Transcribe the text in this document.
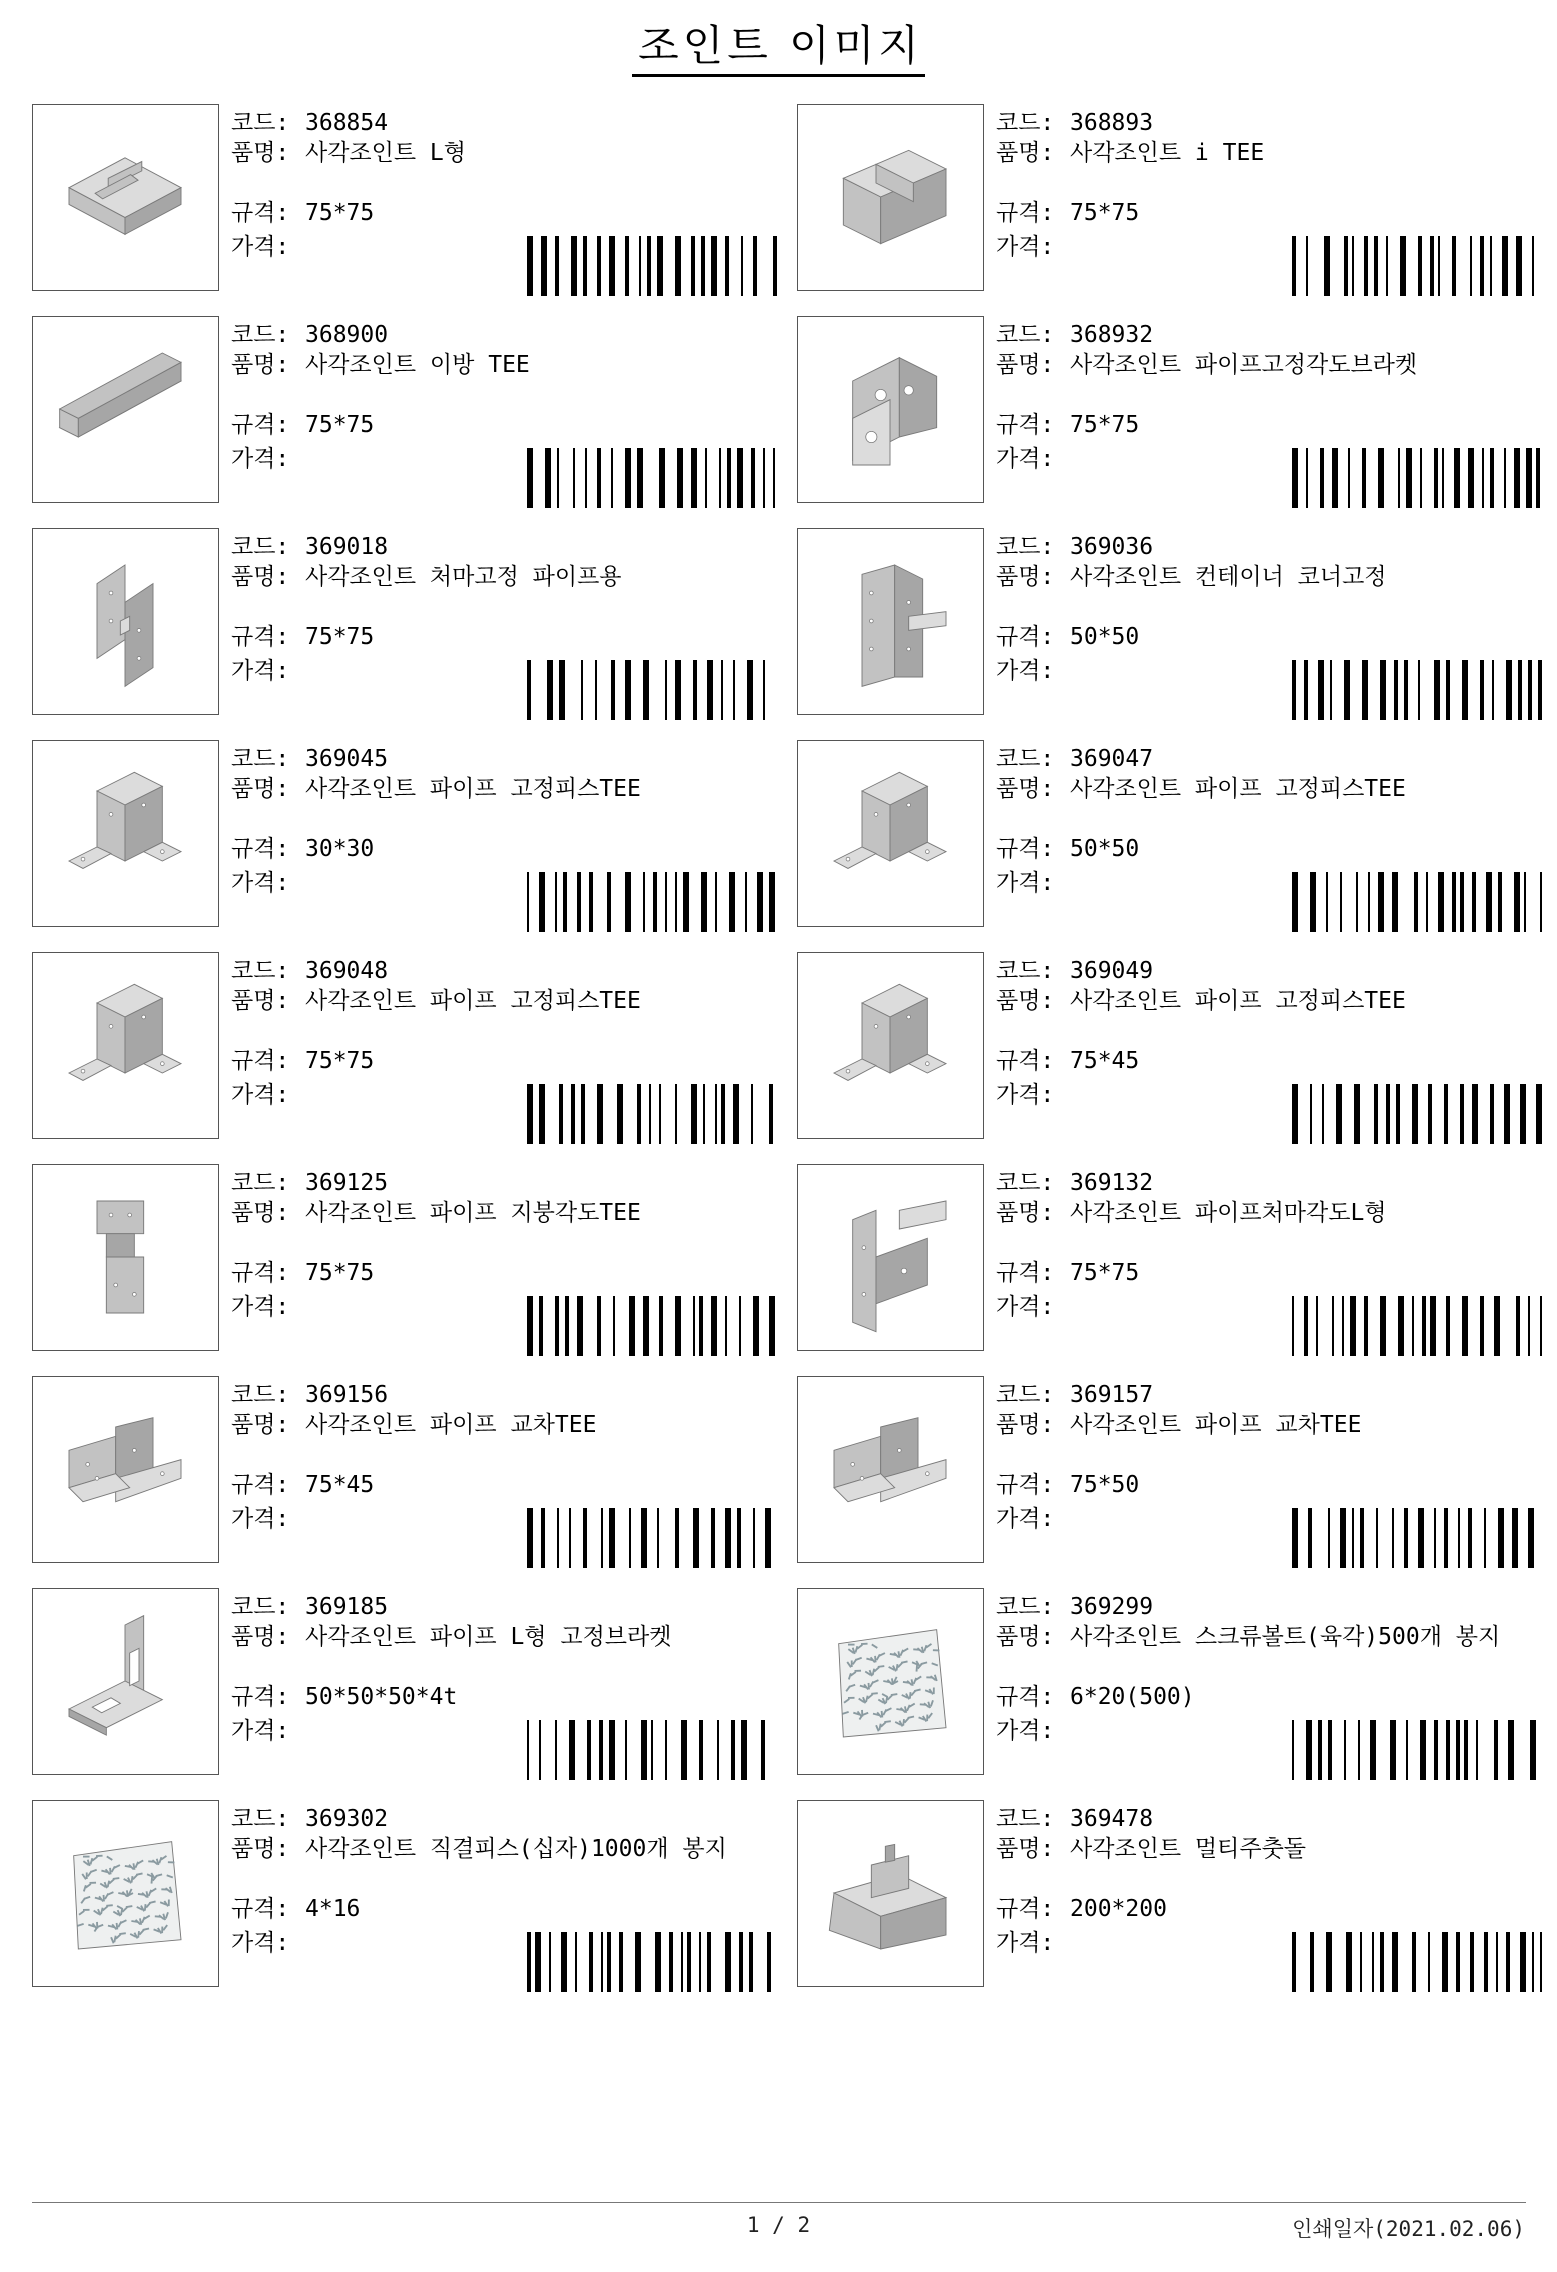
조인트 이미지
코드: 368854
품명: 사각조인트 L형
규격: 75*75
가격:
코드: 368893
품명: 사각조인트 i TEE
규격: 75*75
가격:
코드: 368900
품명: 사각조인트 이방 TEE
규격: 75*75
가격:
코드: 368932
품명: 사각조인트 파이프고정각도브라켓
규격: 75*75
가격:
코드: 369018
품명: 사각조인트 처마고정 파이프용
규격: 75*75
가격:
코드: 369036
품명: 사각조인트 컨테이너 코너고정
규격: 50*50
가격:
코드: 369045
품명: 사각조인트 파이프 고정피스TEE
규격: 30*30
가격:
코드: 369047
품명: 사각조인트 파이프 고정피스TEE
규격: 50*50
가격:
코드: 369048
품명: 사각조인트 파이프 고정피스TEE
규격: 75*75
가격:
코드: 369049
품명: 사각조인트 파이프 고정피스TEE
규격: 75*45
가격:
코드: 369125
품명: 사각조인트 파이프 지붕각도TEE
규격: 75*75
가격:
코드: 369132
품명: 사각조인트 파이프처마각도L형
규격: 75*75
가격:
코드: 369156
품명: 사각조인트 파이프 교차TEE
규격: 75*45
가격:
코드: 369157
품명: 사각조인트 파이프 교차TEE
규격: 75*50
가격:
코드: 369185
품명: 사각조인트 파이프 L형 고정브라켓
규격: 50*50*50*4t
가격:
코드: 369299
품명: 사각조인트 스크류볼트(육각)500개 봉지
규격: 6*20(500)
가격:
코드: 369302
품명: 사각조인트 직결피스(십자)1000개 봉지
규격: 4*16
가격:
코드: 369478
품명: 사각조인트 멀티주춧돌
규격: 200*200
가격:
1 / 2	인쇄일자(2021.02.06)
